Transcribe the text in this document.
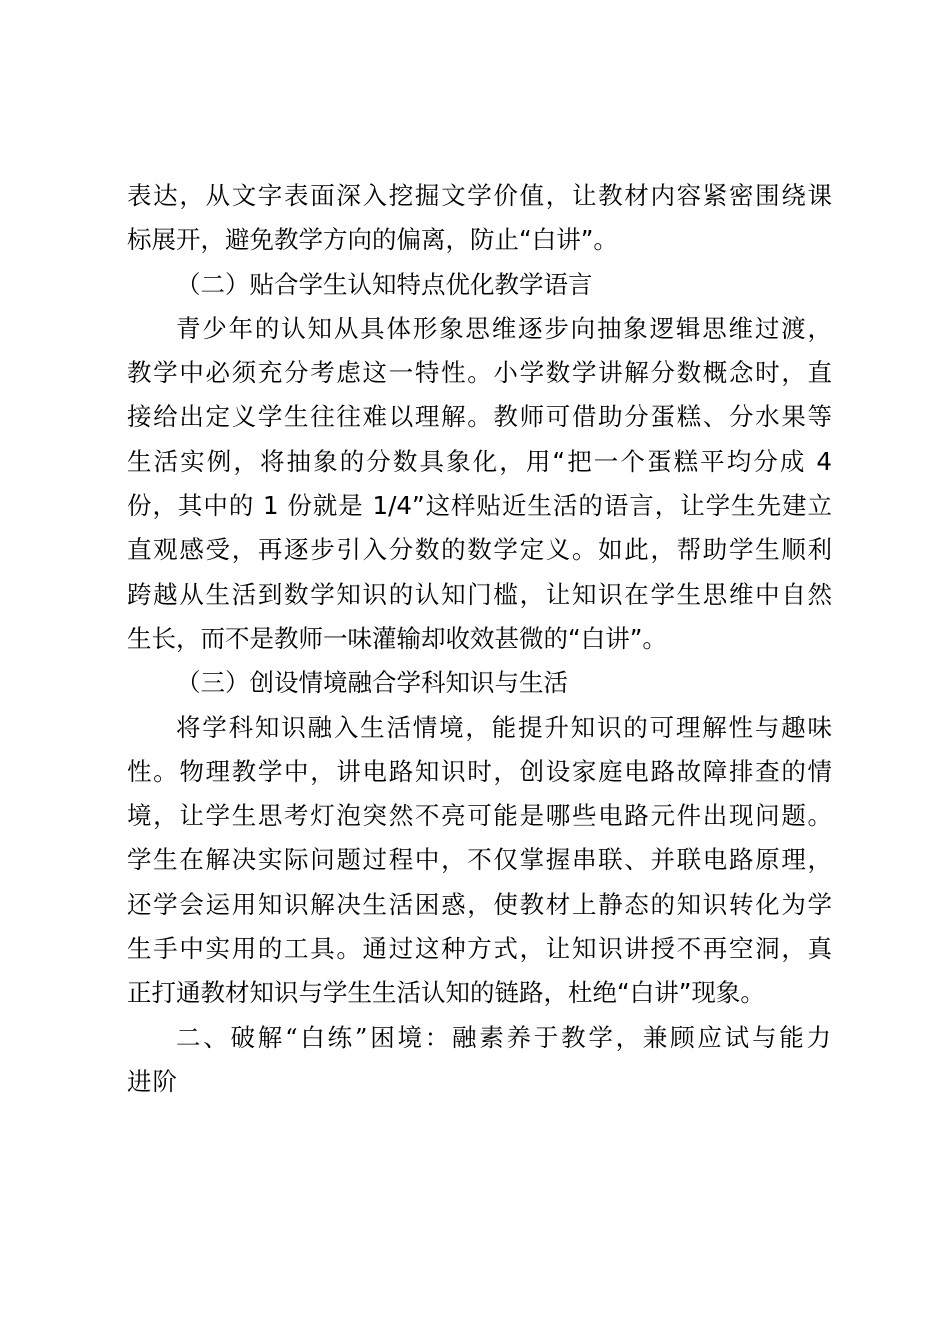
表达，从文字表面深入挖掘文学价值，让教材内容紧密围绕课
标展开，避免教学方向的偏离，防止“白讲”。
（二）贴合学生认知特点优化教学语言
青少年的认知从具体形象思维逐步向抽象逻辑思维过渡，
教学中必须充分考虑这一特性。小学数学讲解分数概念时，直
接给出定义学生往往难以理解。教师可借助分蛋糕、分水果等
生活实例，将抽象的分数具象化，用“把一个蛋糕平均分成 4
份，其中的 1 份就是 1/4”这样贴近生活的语言，让学生先建立
直观感受，再逐步引入分数的数学定义。如此，帮助学生顺利
跨越从生活到数学知识的认知门槛，让知识在学生思维中自然
生长，而不是教师一味灌输却收效甚微的“白讲”。
（三）创设情境融合学科知识与生活
将学科知识融入生活情境，能提升知识的可理解性与趣味
性。物理教学中，讲电路知识时，创设家庭电路故障排查的情
境，让学生思考灯泡突然不亮可能是哪些电路元件出现问题。
学生在解决实际问题过程中，不仅掌握串联、并联电路原理，
还学会运用知识解决生活困惑，使教材上静态的知识转化为学
生手中实用的工具。通过这种方式，让知识讲授不再空洞，真
正打通教材知识与学生生活认知的链路，杜绝“白讲”现象。
二、破解“白练”困境：融素养于教学，兼顾应试与能力
进阶
